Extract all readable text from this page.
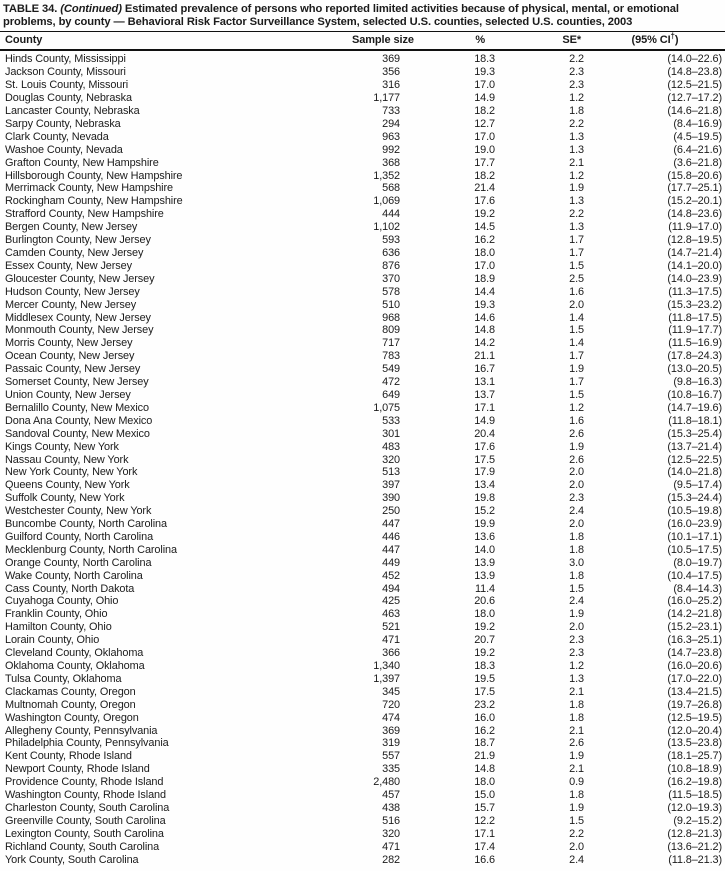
TABLE 34. (Continued) Estimated prevalence of persons who reported limited activities because of physical, mental, or emotional problems, by county — Behavioral Risk Factor Surveillance System, selected U.S. counties, selected U.S. counties, 2003
County	Sample size	%	SE*	(95% CI†)
Hinds County, Mississippi	369	18.3	2.2	(14.0–22.6)
Jackson County, Missouri	356	19.3	2.3	(14.8–23.8)
St. Louis County, Missouri	316	17.0	2.3	(12.5–21.5)
Douglas County, Nebraska	1,177	14.9	1.2	(12.7–17.2)
Lancaster County, Nebraska	733	18.2	1.8	(14.6–21.8)
Sarpy County, Nebraska	294	12.7	2.2	(8.4–16.9)
Clark County, Nevada	963	17.0	1.3	(4.5–19.5)
Washoe County, Nevada	992	19.0	1.3	(6.4–21.6)
Grafton County, New Hampshire	368	17.7	2.1	(3.6–21.8)
Hillsborough County, New Hampshire	1,352	18.2	1.2	(15.8–20.6)
Merrimack County, New Hampshire	568	21.4	1.9	(17.7–25.1)
Rockingham County, New Hampshire	1,069	17.6	1.3	(15.2–20.1)
Strafford County, New Hampshire	444	19.2	2.2	(14.8–23.6)
Bergen County, New Jersey	1,102	14.5	1.3	(11.9–17.0)
Burlington County, New Jersey	593	16.2	1.7	(12.8–19.5)
Camden County, New Jersey	636	18.0	1.7	(14.7–21.4)
Essex County, New Jersey	876	17.0	1.5	(14.1–20.0)
Gloucester County, New Jersey	370	18.9	2.5	(14.0–23.9)
Hudson County, New Jersey	578	14.4	1.6	(11.3–17.5)
Mercer County, New Jersey	510	19.3	2.0	(15.3–23.2)
Middlesex County, New Jersey	968	14.6	1.4	(11.8–17.5)
Monmouth County, New Jersey	809	14.8	1.5	(11.9–17.7)
Morris County, New Jersey	717	14.2	1.4	(11.5–16.9)
Ocean County, New Jersey	783	21.1	1.7	(17.8–24.3)
Passaic County, New Jersey	549	16.7	1.9	(13.0–20.5)
Somerset County, New Jersey	472	13.1	1.7	(9.8–16.3)
Union County, New Jersey	649	13.7	1.5	(10.8–16.7)
Bernalillo County, New Mexico	1,075	17.1	1.2	(14.7–19.6)
Dona Ana County, New Mexico	533	14.9	1.6	(11.8–18.1)
Sandoval County, New Mexico	301	20.4	2.6	(15.3–25.4)
Kings County, New York	483	17.6	1.9	(13.7–21.4)
Nassau County, New York	320	17.5	2.6	(12.5–22.5)
New York County, New York	513	17.9	2.0	(14.0–21.8)
Queens County, New York	397	13.4	2.0	(9.5–17.4)
Suffolk County, New York	390	19.8	2.3	(15.3–24.4)
Westchester County, New York	250	15.2	2.4	(10.5–19.8)
Buncombe County, North Carolina	447	19.9	2.0	(16.0–23.9)
Guilford County, North Carolina	446	13.6	1.8	(10.1–17.1)
Mecklenburg County, North Carolina	447	14.0	1.8	(10.5–17.5)
Orange County, North Carolina	449	13.9	3.0	(8.0–19.7)
Wake County, North Carolina	452	13.9	1.8	(10.4–17.5)
Cass County, North Dakota	494	11.4	1.5	(8.4–14.3)
Cuyahoga County, Ohio	425	20.6	2.4	(16.0–25.2)
Franklin County, Ohio	463	18.0	1.9	(14.2–21.8)
Hamilton County, Ohio	521	19.2	2.0	(15.2–23.1)
Lorain County, Ohio	471	20.7	2.3	(16.3–25.1)
Cleveland County, Oklahoma	366	19.2	2.3	(14.7–23.8)
Oklahoma County, Oklahoma	1,340	18.3	1.2	(16.0–20.6)
Tulsa County, Oklahoma	1,397	19.5	1.3	(17.0–22.0)
Clackamas County, Oregon	345	17.5	2.1	(13.4–21.5)
Multnomah County, Oregon	720	23.2	1.8	(19.7–26.8)
Washington County, Oregon	474	16.0	1.8	(12.5–19.5)
Allegheny County, Pennsylvania	369	16.2	2.1	(12.0–20.4)
Philadelphia County, Pennsylvania	319	18.7	2.6	(13.5–23.8)
Kent County, Rhode Island	557	21.9	1.9	(18.1–25.7)
Newport County, Rhode Island	335	14.8	2.1	(10.8–18.9)
Providence County, Rhode Island	2,480	18.0	0.9	(16.2–19.8)
Washington County, Rhode Island	457	15.0	1.8	(11.5–18.5)
Charleston County, South Carolina	438	15.7	1.9	(12.0–19.3)
Greenville County, South Carolina	516	12.2	1.5	(9.2–15.2)
Lexington County, South Carolina	320	17.1	2.2	(12.8–21.3)
Richland County, South Carolina	471	17.4	2.0	(13.6–21.2)
York County, South Carolina	282	16.6	2.4	(11.8–21.3)
